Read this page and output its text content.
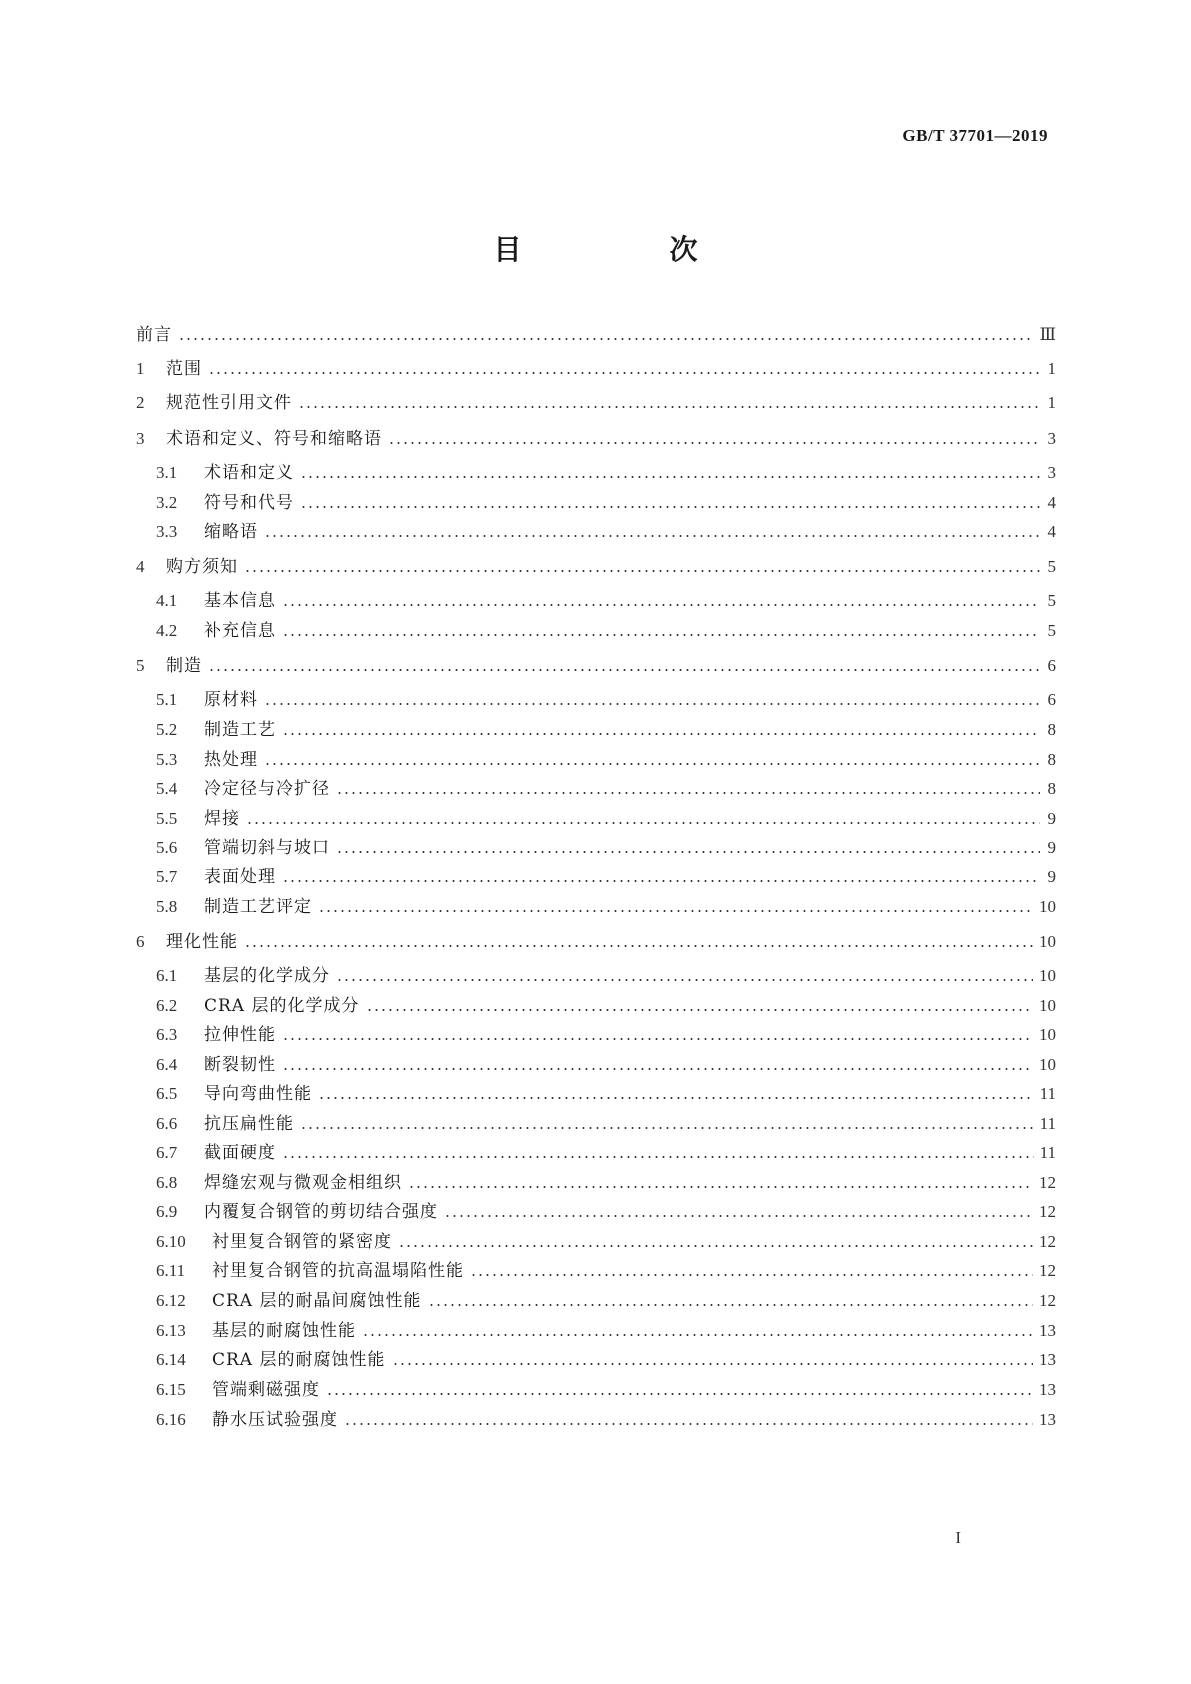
GB/T 37701—2019
目　次
前言	Ⅲ
1	范围	1
2	规范性引用文件	1
3	术语和定义、符号和缩略语	3
3.1	术语和定义	3
3.2	符号和代号	4
3.3	缩略语	4
4	购方须知	5
4.1	基本信息	5
4.2	补充信息	5
5	制造	6
5.1	原材料	6
5.2	制造工艺	8
5.3	热处理	8
5.4	冷定径与冷扩径	8
5.5	焊接	9
5.6	管端切斜与坡口	9
5.7	表面处理	9
5.8	制造工艺评定	10
6	理化性能	10
6.1	基层的化学成分	10
6.2	CRA 层的化学成分	10
6.3	拉伸性能	10
6.4	断裂韧性	10
6.5	导向弯曲性能	11
6.6	抗压扁性能	11
6.7	截面硬度	11
6.8	焊缝宏观与微观金相组织	12
6.9	内覆复合钢管的剪切结合强度	12
6.10	衬里复合钢管的紧密度	12
6.11	衬里复合钢管的抗高温塌陷性能	12
6.12	CRA 层的耐晶间腐蚀性能	12
6.13	基层的耐腐蚀性能	13
6.14	CRA 层的耐腐蚀性能	13
6.15	管端剩磁强度	13
6.16	静水压试验强度	13
I
